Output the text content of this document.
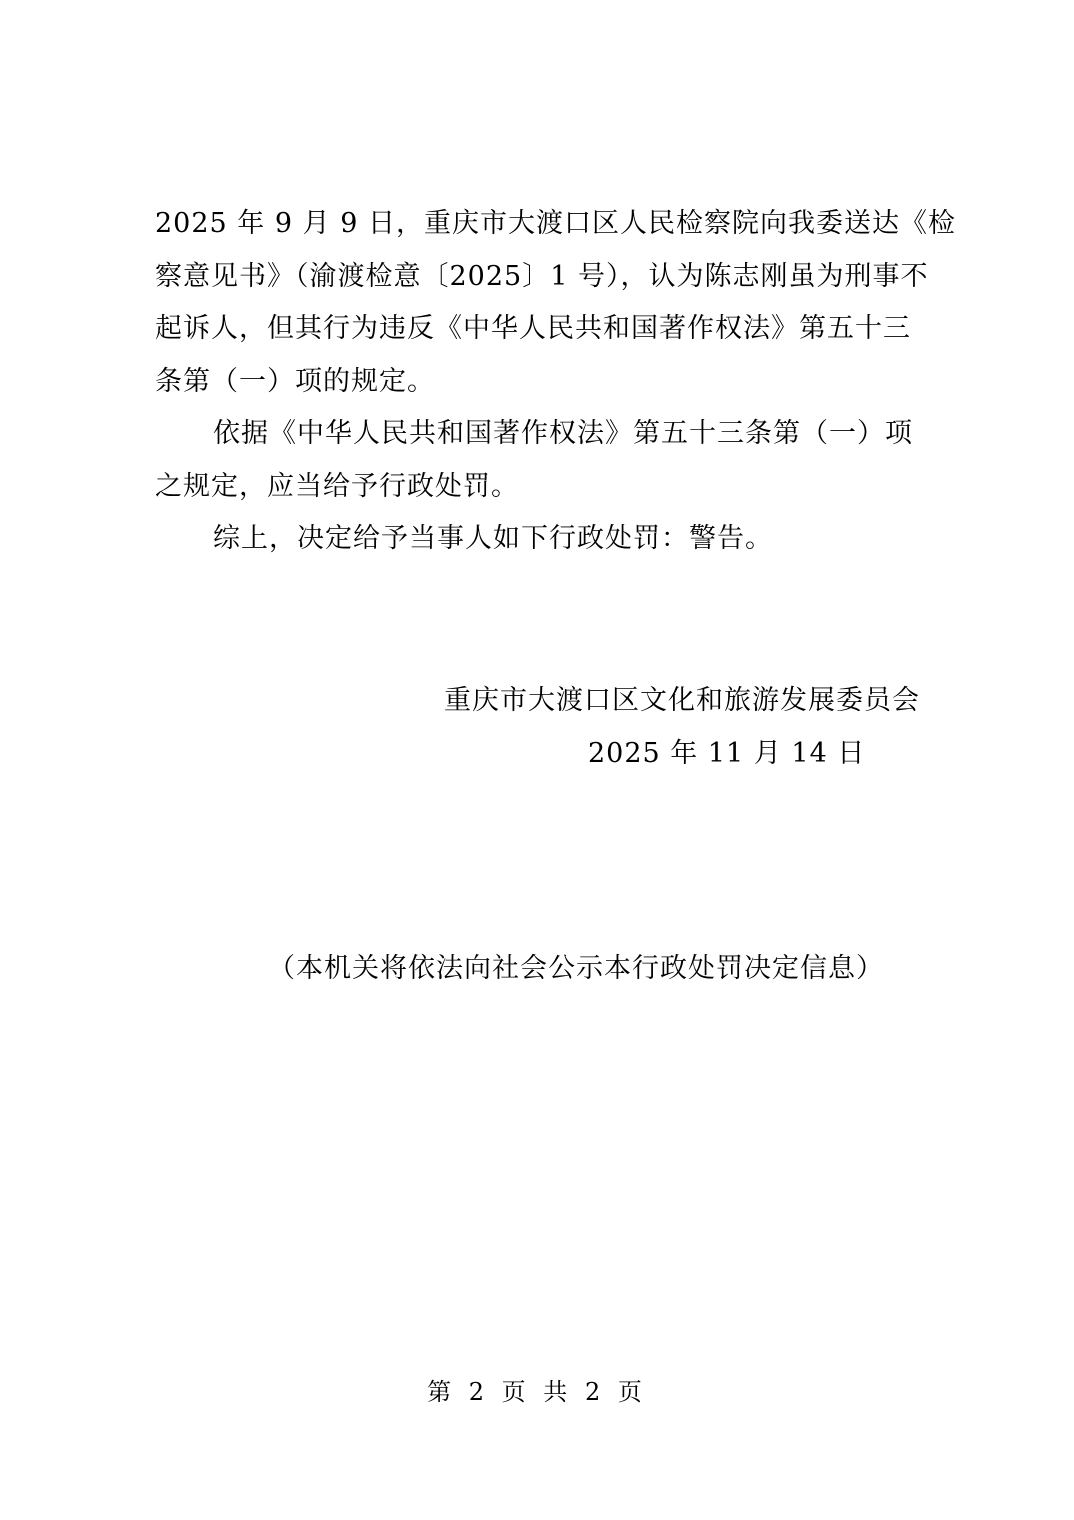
2025 年 9 月 9 日，重庆市大渡口区人民检察院向我委送达《检
察意见书》（渝渡检意〔2025〕1 号），认为陈志刚虽为刑事不
起诉人，但其行为违反《中华人民共和国著作权法》第五十三
条第（一）项的规定。

依据《中华人民共和国著作权法》第五十三条第（一）项
之规定，应当给予行政处罚。

综上，决定给予当事人如下行政处罚：警告。

重庆市大渡口区文化和旅游发展委员会
2025 年 11 月 14 日
（本机关将依法向社会公示本行政处罚决定信息）
第 2 页 共 2 页
